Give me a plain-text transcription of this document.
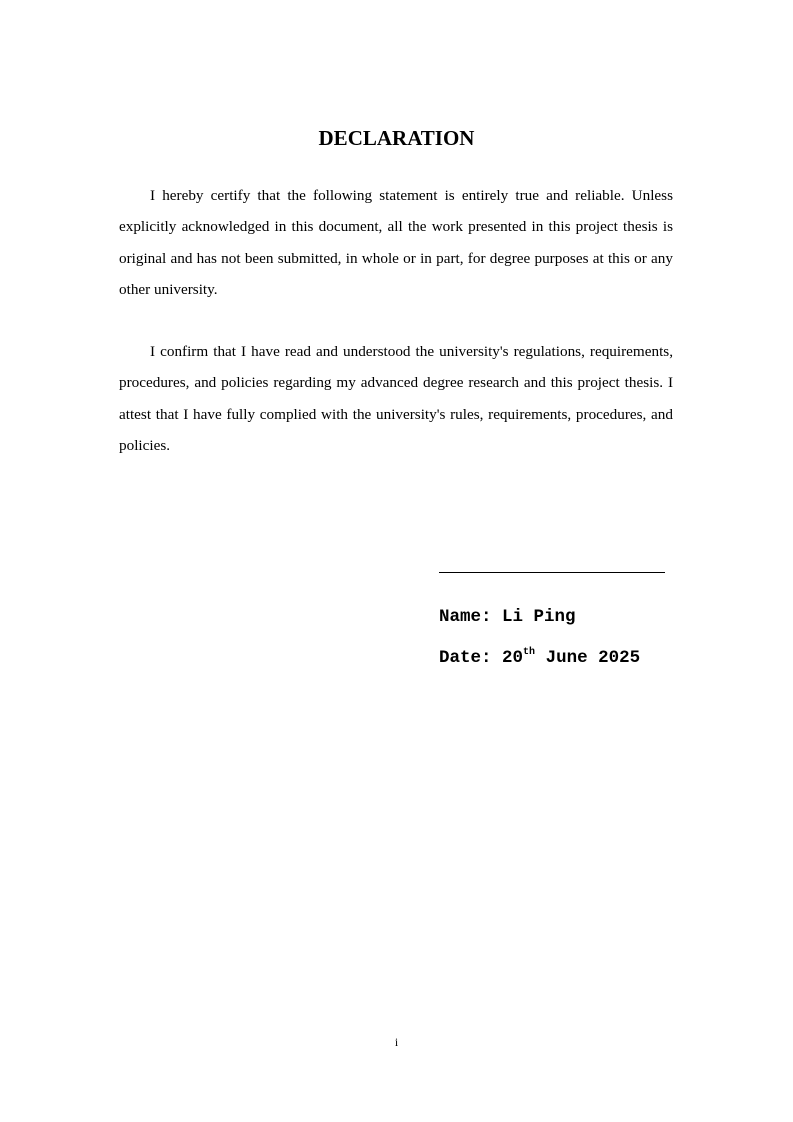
DECLARATION

I hereby certify that the following statement is entirely true and reliable. Unless explicitly acknowledged in this document, all the work presented in this project thesis is original and has not been submitted, in whole or in part, for degree purposes at this or any other university.

I confirm that I have read and understood the university's regulations, requirements, procedures, and policies regarding my advanced degree research and this project thesis. I attest that I have fully complied with the university's rules, requirements, procedures, and policies.

Name: Li Ping

Date: 20th June 2025

i
